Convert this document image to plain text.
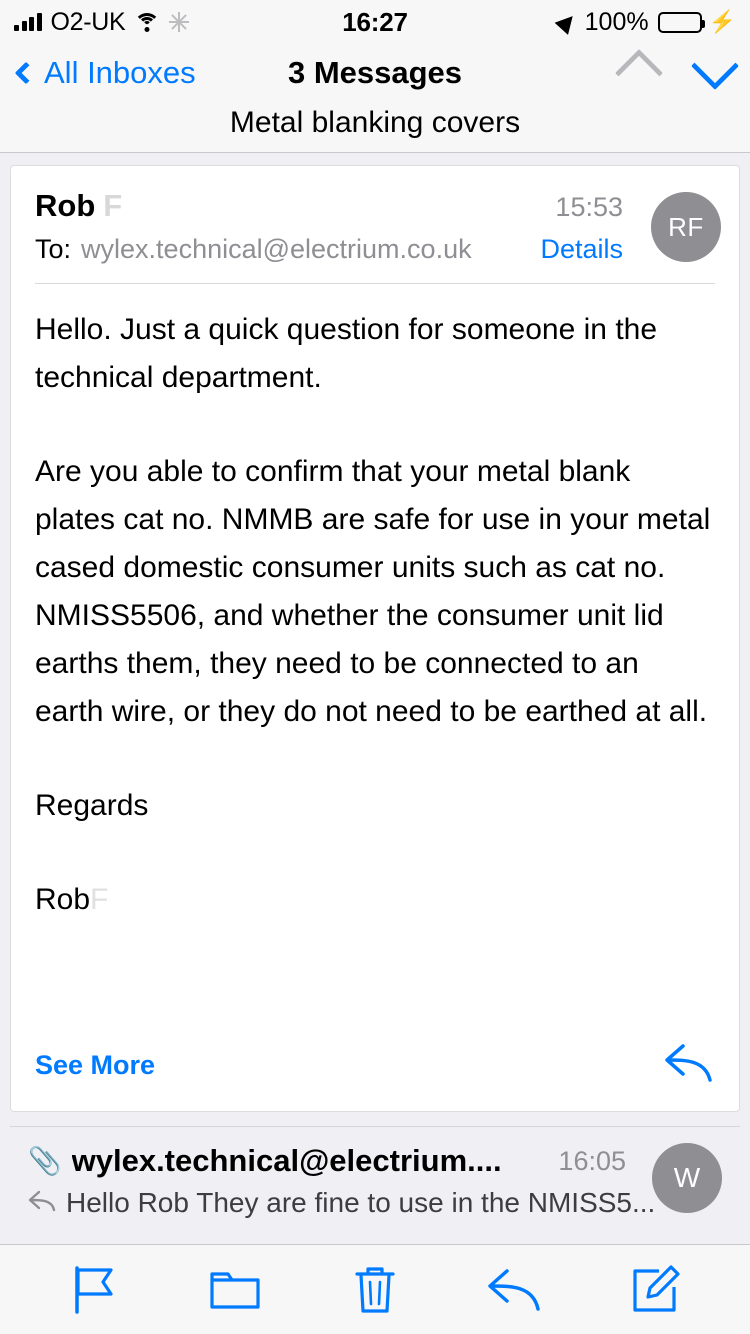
O2-UK	16:27	100%	⚡
All Inboxes	3 Messages
Metal blanking covers
Rob F	15:53
To: wylex.technical@electrium.co.uk	Details
RF

Hello. Just a quick question for someone in the technical department.

Are you able to confirm that your metal blank plates cat no. NMMB are safe for use in your metal cased domestic consumer units such as cat no. NMISS5506, and whether the consumer unit lid earths them, they need to be connected to an earth wire, or they do not need to be earthed at all.

Regards

RobF

See More
📎 wylex.technical@electrium.... 16:05
Hello Rob They are fine to use in the NMISS5...
W
